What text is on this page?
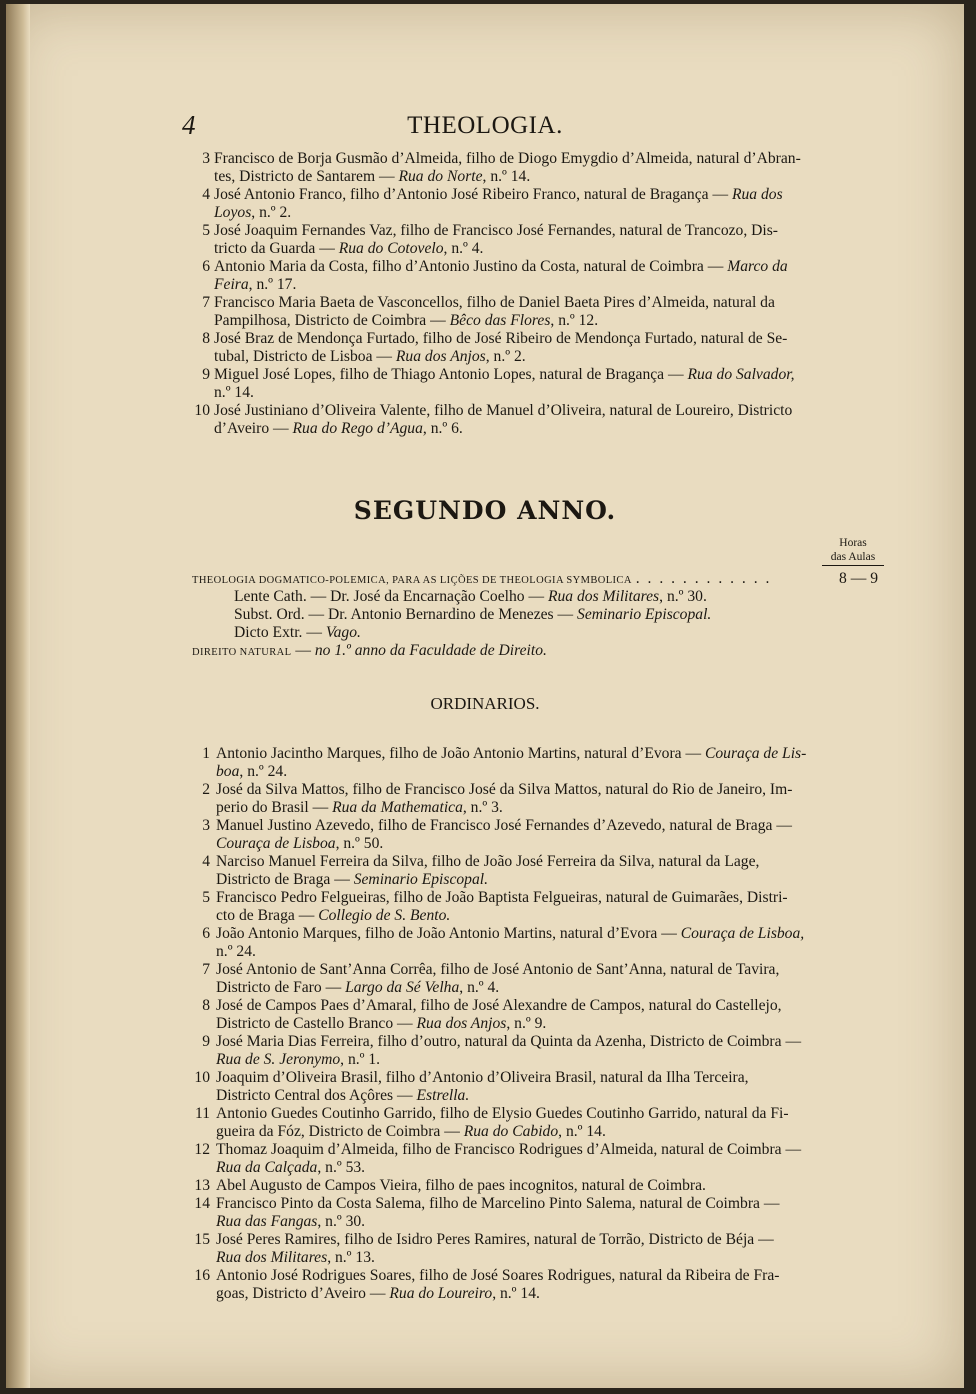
4	THEOLOGIA.
3 Francisco de Borja Gusmão d’Almeida, filho de Diogo Emygdio d’Almeida, natural d’Abran-
tes, Districto de Santarem — Rua do Norte, n.º 14.
4 José Antonio Franco, filho d’Antonio José Ribeiro Franco, natural de Bragança — Rua dos
Loyos, n.º 2.
5 José Joaquim Fernandes Vaz, filho de Francisco José Fernandes, natural de Trancozo, Dis-
tricto da Guarda — Rua do Cotovelo, n.º 4.
6 Antonio Maria da Costa, filho d’Antonio Justino da Costa, natural de Coimbra — Marco da
Feira, n.º 17.
7 Francisco Maria Baeta de Vasconcellos, filho de Daniel Baeta Pires d’Almeida, natural da
Pampilhosa, Districto de Coimbra — Bêco das Flores, n.º 12.
8 José Braz de Mendonça Furtado, filho de José Ribeiro de Mendonça Furtado, natural de Se-
tubal, Districto de Lisboa — Rua dos Anjos, n.º 2.
9 Miguel José Lopes, filho de Thiago Antonio Lopes, natural de Bragança — Rua do Salvador,
n.º 14.
10 José Justiniano d’Oliveira Valente, filho de Manuel d’Oliveira, natural de Loureiro, Districto
d’Aveiro — Rua do Rego d’Agua, n.º 6.
SEGUNDO ANNO.
Horas
das Aulas
THEOLOGIA DOGMATICO-POLEMICA, PARA AS LIÇÕES DE THEOLOGIA SYMBOLICA . . . . . . . . . . . .	8 — 9
Lente Cath. — Dr. José da Encarnação Coelho — Rua dos Militares, n.º 30.
Subst. Ord. — Dr. Antonio Bernardino de Menezes — Seminario Episcopal.
Dicto Extr. — Vago.
DIREITO NATURAL — no 1.º anno da Faculdade de Direito.
ORDINARIOS.
1 Antonio Jacintho Marques, filho de João Antonio Martins, natural d’Evora — Couraça de Lis-
boa, n.º 24.
2 José da Silva Mattos, filho de Francisco José da Silva Mattos, natural do Rio de Janeiro, Im-
perio do Brasil — Rua da Mathematica, n.º 3.
3 Manuel Justino Azevedo, filho de Francisco José Fernandes d’Azevedo, natural de Braga —
Couraça de Lisboa, n.º 50.
4 Narciso Manuel Ferreira da Silva, filho de João José Ferreira da Silva, natural da Lage,
Districto de Braga — Seminario Episcopal.
5 Francisco Pedro Felgueiras, filho de João Baptista Felgueiras, natural de Guimarães, Distri-
cto de Braga — Collegio de S. Bento.
6 João Antonio Marques, filho de João Antonio Martins, natural d’Evora — Couraça de Lisboa,
n.º 24.
7 José Antonio de Sant’Anna Corrêa, filho de José Antonio de Sant’Anna, natural de Tavira,
Districto de Faro — Largo da Sé Velha, n.º 4.
8 José de Campos Paes d’Amaral, filho de José Alexandre de Campos, natural do Castellejo,
Districto de Castello Branco — Rua dos Anjos, n.º 9.
9 José Maria Dias Ferreira, filho d’outro, natural da Quinta da Azenha, Districto de Coimbra —
Rua de S. Jeronymo, n.º 1.
10 Joaquim d’Oliveira Brasil, filho d’Antonio d’Oliveira Brasil, natural da Ilha Terceira,
Districto Central dos Açôres — Estrella.
11 Antonio Guedes Coutinho Garrido, filho de Elysio Guedes Coutinho Garrido, natural da Fi-
gueira da Fóz, Districto de Coimbra — Rua do Cabido, n.º 14.
12 Thomaz Joaquim d’Almeida, filho de Francisco Rodrigues d’Almeida, natural de Coimbra —
Rua da Calçada, n.º 53.
13 Abel Augusto de Campos Vieira, filho de paes incognitos, natural de Coimbra.
14 Francisco Pinto da Costa Salema, filho de Marcelino Pinto Salema, natural de Coimbra —
Rua das Fangas, n.º 30.
15 José Peres Ramires, filho de Isidro Peres Ramires, natural de Torrão, Districto de Béja —
Rua dos Militares, n.º 13.
16 Antonio José Rodrigues Soares, filho de José Soares Rodrigues, natural da Ribeira de Fra-
goas, Districto d’Aveiro — Rua do Loureiro, n.º 14.
